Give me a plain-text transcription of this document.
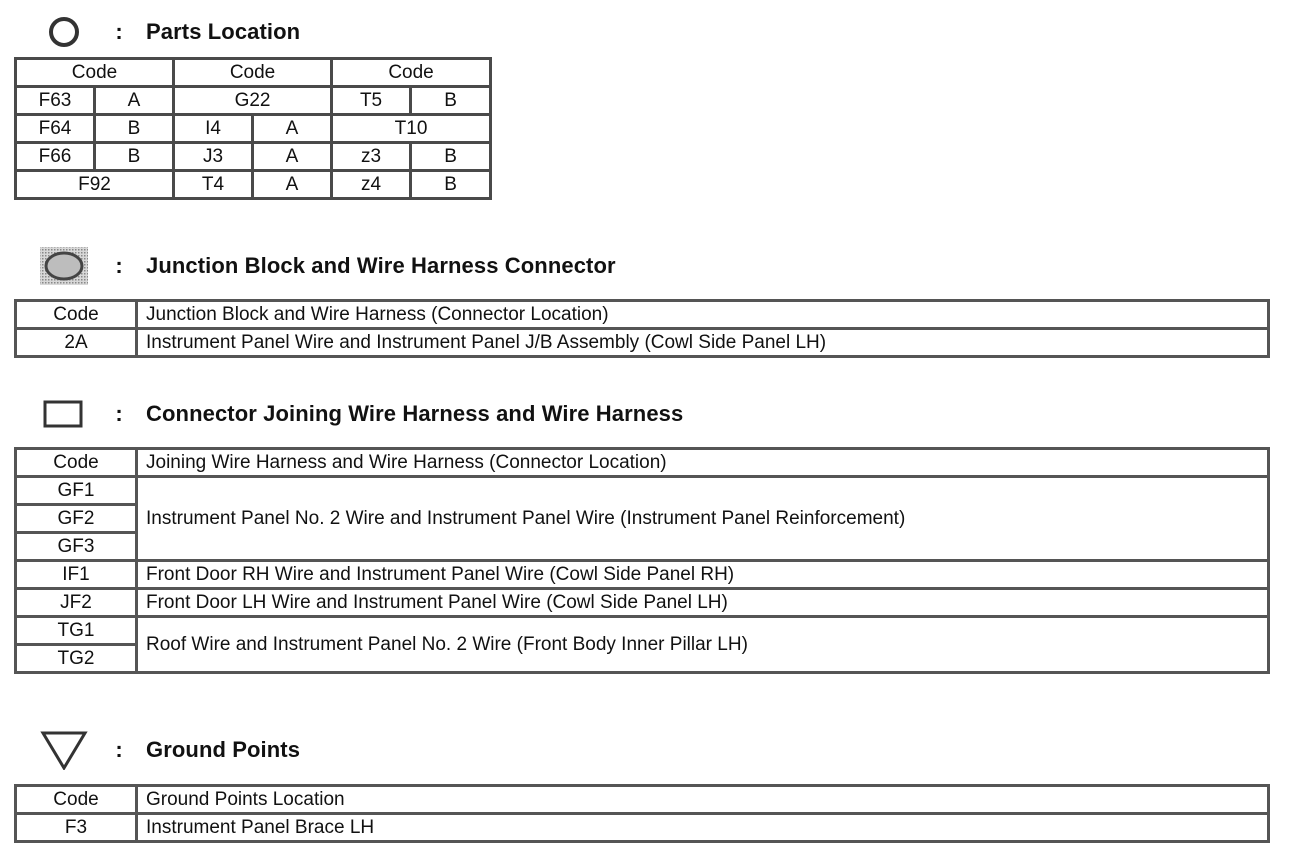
:	Parts Location
Code		Code		Code	
F63	A	G22		T5	B
F64	B	I4	A	T10	
F66	B	J3	A	z3	B
F92		T4	A	z4	B
:	Junction Block and Wire Harness Connector
Code	Junction Block and Wire Harness (Connector Location)
2A	Instrument Panel Wire and Instrument Panel J/B Assembly (Cowl Side Panel LH)
:	Connector Joining Wire Harness and Wire Harness
Code	Joining Wire Harness and Wire Harness (Connector Location)
GF1	Instrument Panel No. 2 Wire and Instrument Panel Wire (Instrument Panel Reinforcement)
GF2	
GF3	
IF1	Front Door RH Wire and Instrument Panel Wire (Cowl Side Panel RH)
JF2	Front Door LH Wire and Instrument Panel Wire (Cowl Side Panel LH)
TG1	Roof Wire and Instrument Panel No. 2 Wire (Front Body Inner Pillar LH)
TG2	
:	Ground Points
Code	Ground Points Location
F3	Instrument Panel Brace LH
